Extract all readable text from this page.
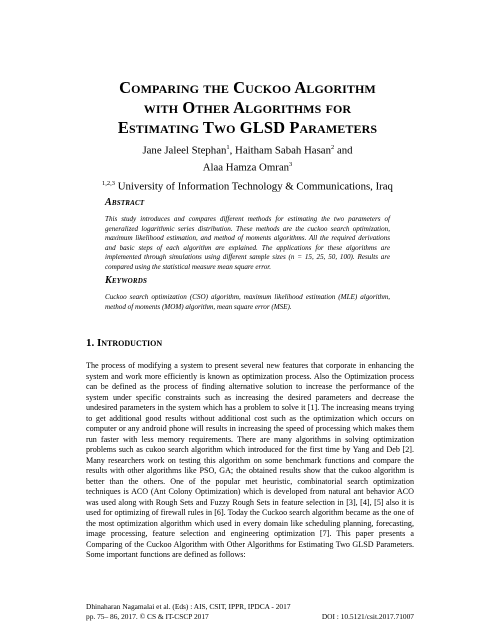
Comparing the Cuckoo Algorithm
with Other Algorithms for
Estimating Two GLSD Parameters
Jane Jaleel Stephan$^1$, Haitham Sabah Hasan$^2$ and
Alaa Hamza Omran$^3$
$^{1,2,3}$ University of Information Technology & Communications, Iraq
Abstract
This study introduces and compares different methods for estimating the two parameters of generalized logarithmic series distribution. These methods are the cuckoo search optimization, maximum likelihood estimation, and method of moments algorithms. All the required derivations and basic steps of each algorithm are explained. The applications for these algorithms are implemented through simulations using different sample sizes (n = 15, 25, 50, 100). Results are compared using the statistical measure mean square error.
Keywords
Cuckoo search optimization (CSO) algorithm, maximum likelihood estimation (MLE) algorithm, method of moments (MOM) algorithm, mean square error (MSE).
1. Introduction
The process of modifying a system to present several new features that corporate in enhancing the system and work more efficiently is known as optimization process. Also the Optimization process can be defined as the process of finding alternative solution to increase the performance of the system under specific constraints such as increasing the desired parameters and decrease the undesired parameters in the system which has a problem to solve it [1]. The increasing means trying to get additional good results without additional cost such as the optimization which occurs on computer or any android phone will results in increasing the speed of processing which makes them run faster with less memory requirements. There are many algorithms in solving optimization problems such as cukoo search algorithm which introduced for the first time by Yang and Deb [2]. Many researchers work on testing this algorithm on some benchmark functions and compare the results with other algorithms like PSO, GA; the obtained results show that the cukoo algorithm is better than the others. One of the popular met heuristic, combinatorial search optimization techniques is ACO (Ant Colony Optimization) which is developed from natural ant behavior ACO was used along with Rough Sets and Fuzzy Rough Sets in feature selection in [3], [4], [5] also it is used for optimizing of firewall rules in [6]. Today the Cuckoo search algorithm became as the one of the most optimization algorithm which used in every domain like scheduling planning, forecasting, image processing, feature selection and engineering optimization [7]. This paper presents a Comparing of the Cuckoo Algorithm with Other Algorithms for Estimating Two GLSD Parameters. Some important functions are defined as follows:
Dhinaharan Nagamalai et al. (Eds) : AIS, CSIT, IPPR, IPDCA - 2017
pp. 75– 86, 2017. © CS & IT-CSCP 2017	DOI : 10.5121/csit.2017.71007
